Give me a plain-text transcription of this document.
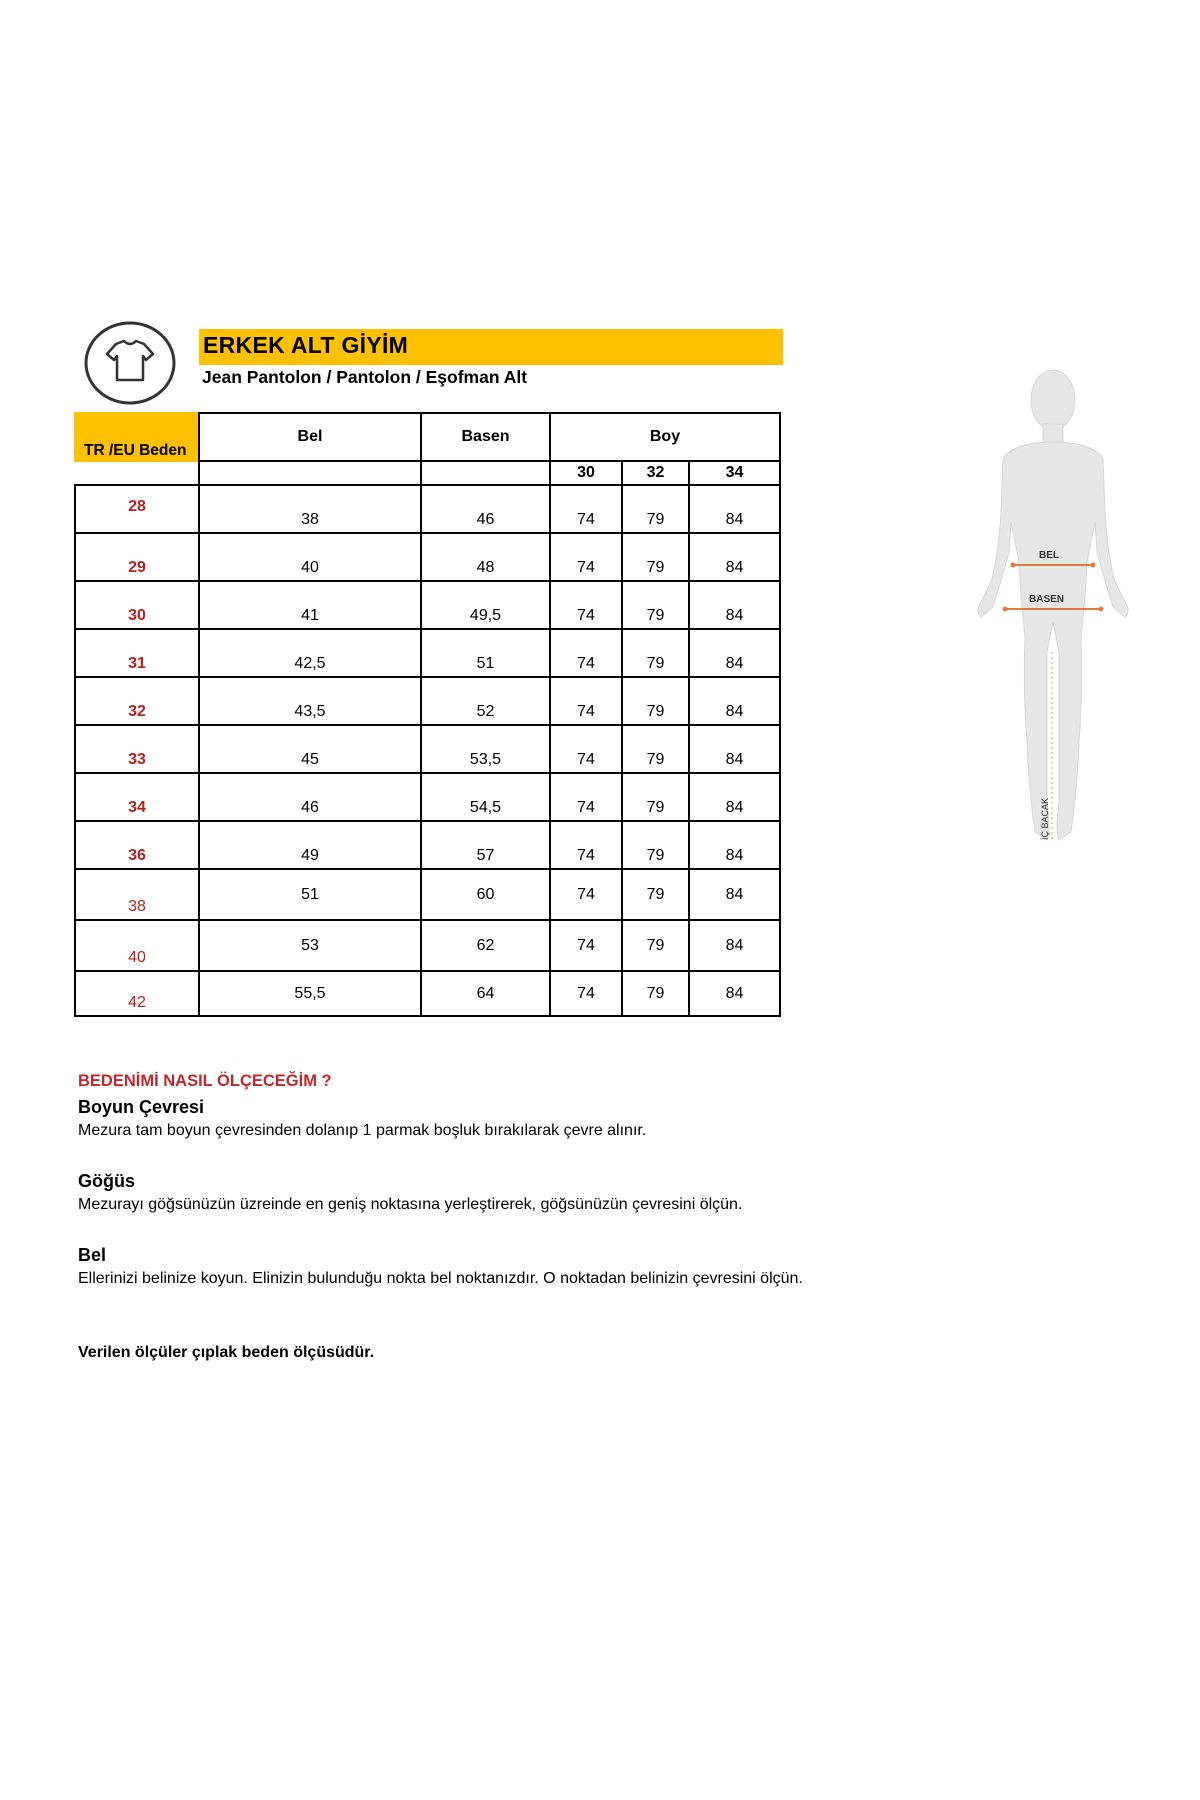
ERKEK ALT GİYİM
Jean Pantolon / Pantolon / Eşofman Alt
TR /EU Beden
	Bel	Basen	Boy		
			30	32	34
28	38	46	74	79	84
29	40	48	74	79	84
30	41	49,5	74	79	84
31	42,5	51	74	79	84
32	43,5	52	74	79	84
33	45	53,5	74	79	84
34	46	54,5	74	79	84
36	49	57	74	79	84
38	51	60	74	79	84
40	53	62	74	79	84
42	55,5	64	74	79	84
BEL
BASEN
İÇ BACAK
BEDENİMİ NASIL ÖLÇECEĞİM ?
Boyun Çevresi
Mezura tam boyun çevresinden dolanıp 1 parmak boşluk bırakılarak çevre alınır.
Göğüs
Mezurayı göğsünüzün üzreinde en geniş noktasına yerleştirerek, göğsünüzün çevresini ölçün.
Bel
Ellerinizi belinize koyun. Elinizin bulunduğu nokta bel noktanızdır. O noktadan belinizin çevresini ölçün.
Verilen ölçüler çıplak beden ölçüsüdür.
